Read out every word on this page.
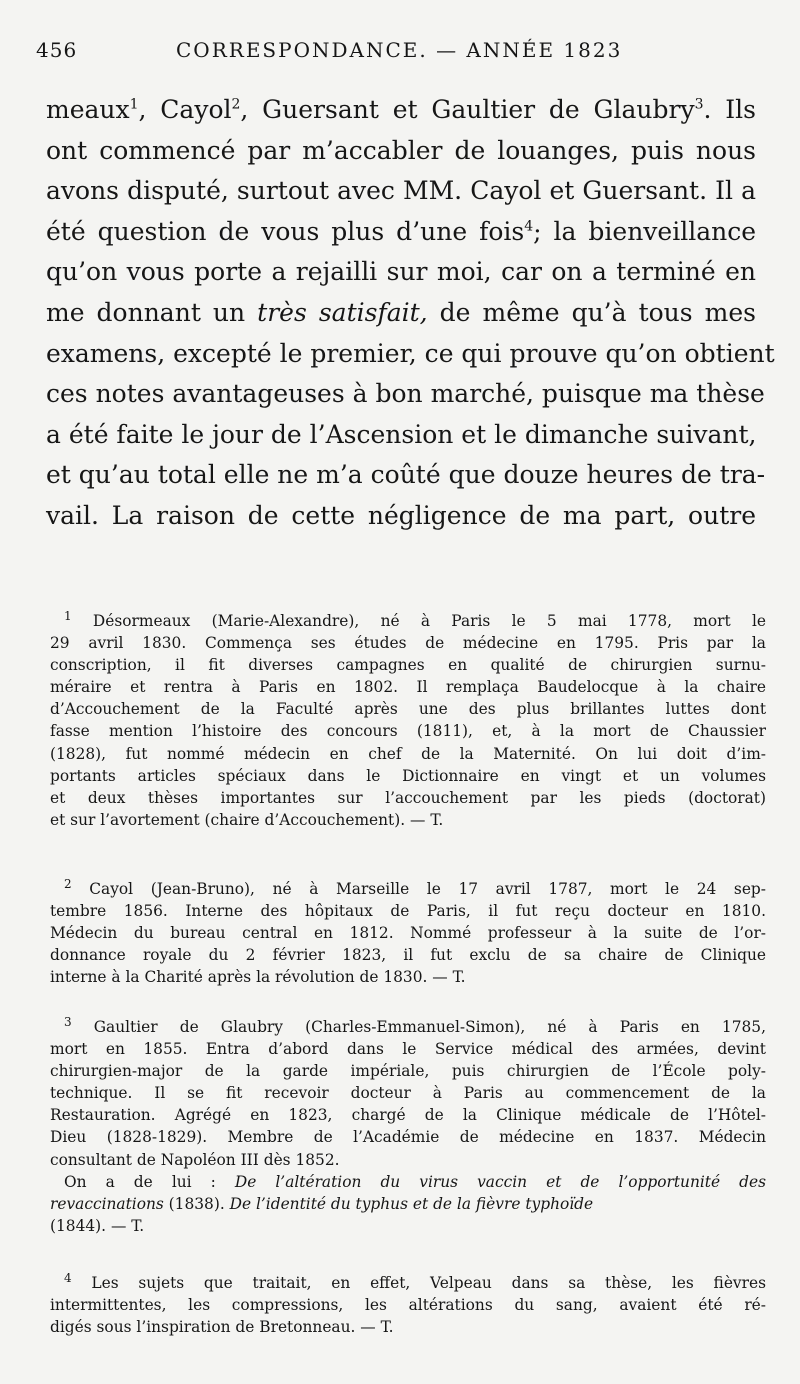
456	CORRESPONDANCE. — ANNÉE 1823
meaux$^1$, Cayol$^2$, Guersant et Gaultier de Glaubry$^3$. Ils
ont commencé par m’accabler de louanges, puis nous
avons disputé, surtout avec MM. Cayol et Guersant. Il a
été question de vous plus d’une fois$^4$; la bienveillance
qu’on vous porte a rejailli sur moi, car on a terminé en
me donnant un très satisfait, de même qu’à tous mes
examens, excepté le premier, ce qui prouve qu’on obtient
ces notes avantageuses à bon marché, puisque ma thèse
a été faite le jour de l’Ascension et le dimanche suivant,
et qu’au total elle ne m’a coûté que douze heures de tra-
vail. La raison de cette négligence de ma part, outre
$^1$ Désormeaux (Marie-Alexandre), né à Paris le 5 mai 1778, mort le
29 avril 1830. Commença ses études de médecine en 1795. Pris par la
conscription, il fit diverses campagnes en qualité de chirurgien surnu-
méraire et rentra à Paris en 1802. Il remplaça Baudelocque à la chaire
d’Accouchement de la Faculté après une des plus brillantes luttes dont
fasse mention l’histoire des concours (1811), et, à la mort de Chaussier
(1828), fut nommé médecin en chef de la Maternité. On lui doit d’im-
portants articles spéciaux dans le Dictionnaire en vingt et un volumes
et deux thèses importantes sur l’accouchement par les pieds (doctorat)
et sur l’avortement (chaire d’Accouchement). — T.
$^2$ Cayol (Jean-Bruno), né à Marseille le 17 avril 1787, mort le 24 sep-
tembre 1856. Interne des hôpitaux de Paris, il fut reçu docteur en 1810.
Médecin du bureau central en 1812. Nommé professeur à la suite de l’or-
donnance royale du 2 février 1823, il fut exclu de sa chaire de Clinique
interne à la Charité après la révolution de 1830. — T.
$^3$ Gaultier de Glaubry (Charles-Emmanuel-Simon), né à Paris en 1785,
mort en 1855. Entra d’abord dans le Service médical des armées, devint
chirurgien-major de la garde impériale, puis chirurgien de l’École poly-
technique. Il se fit recevoir docteur à Paris au commencement de la
Restauration. Agrégé en 1823, chargé de la Clinique médicale de l’Hôtel-
Dieu (1828-1829). Membre de l’Académie de médecine en 1837. Médecin
consultant de Napoléon III dès 1852.
On a de lui : De l’altération du virus vaccin et de l’opportunité des
revaccinations (1838). De l’identité du typhus et de la fièvre typhoïde
(1844). — T.
$^4$ Les sujets que traitait, en effet, Velpeau dans sa thèse, les fièvres
intermittentes, les compressions, les altérations du sang, avaient été ré-
digés sous l’inspiration de Bretonneau. — T.
